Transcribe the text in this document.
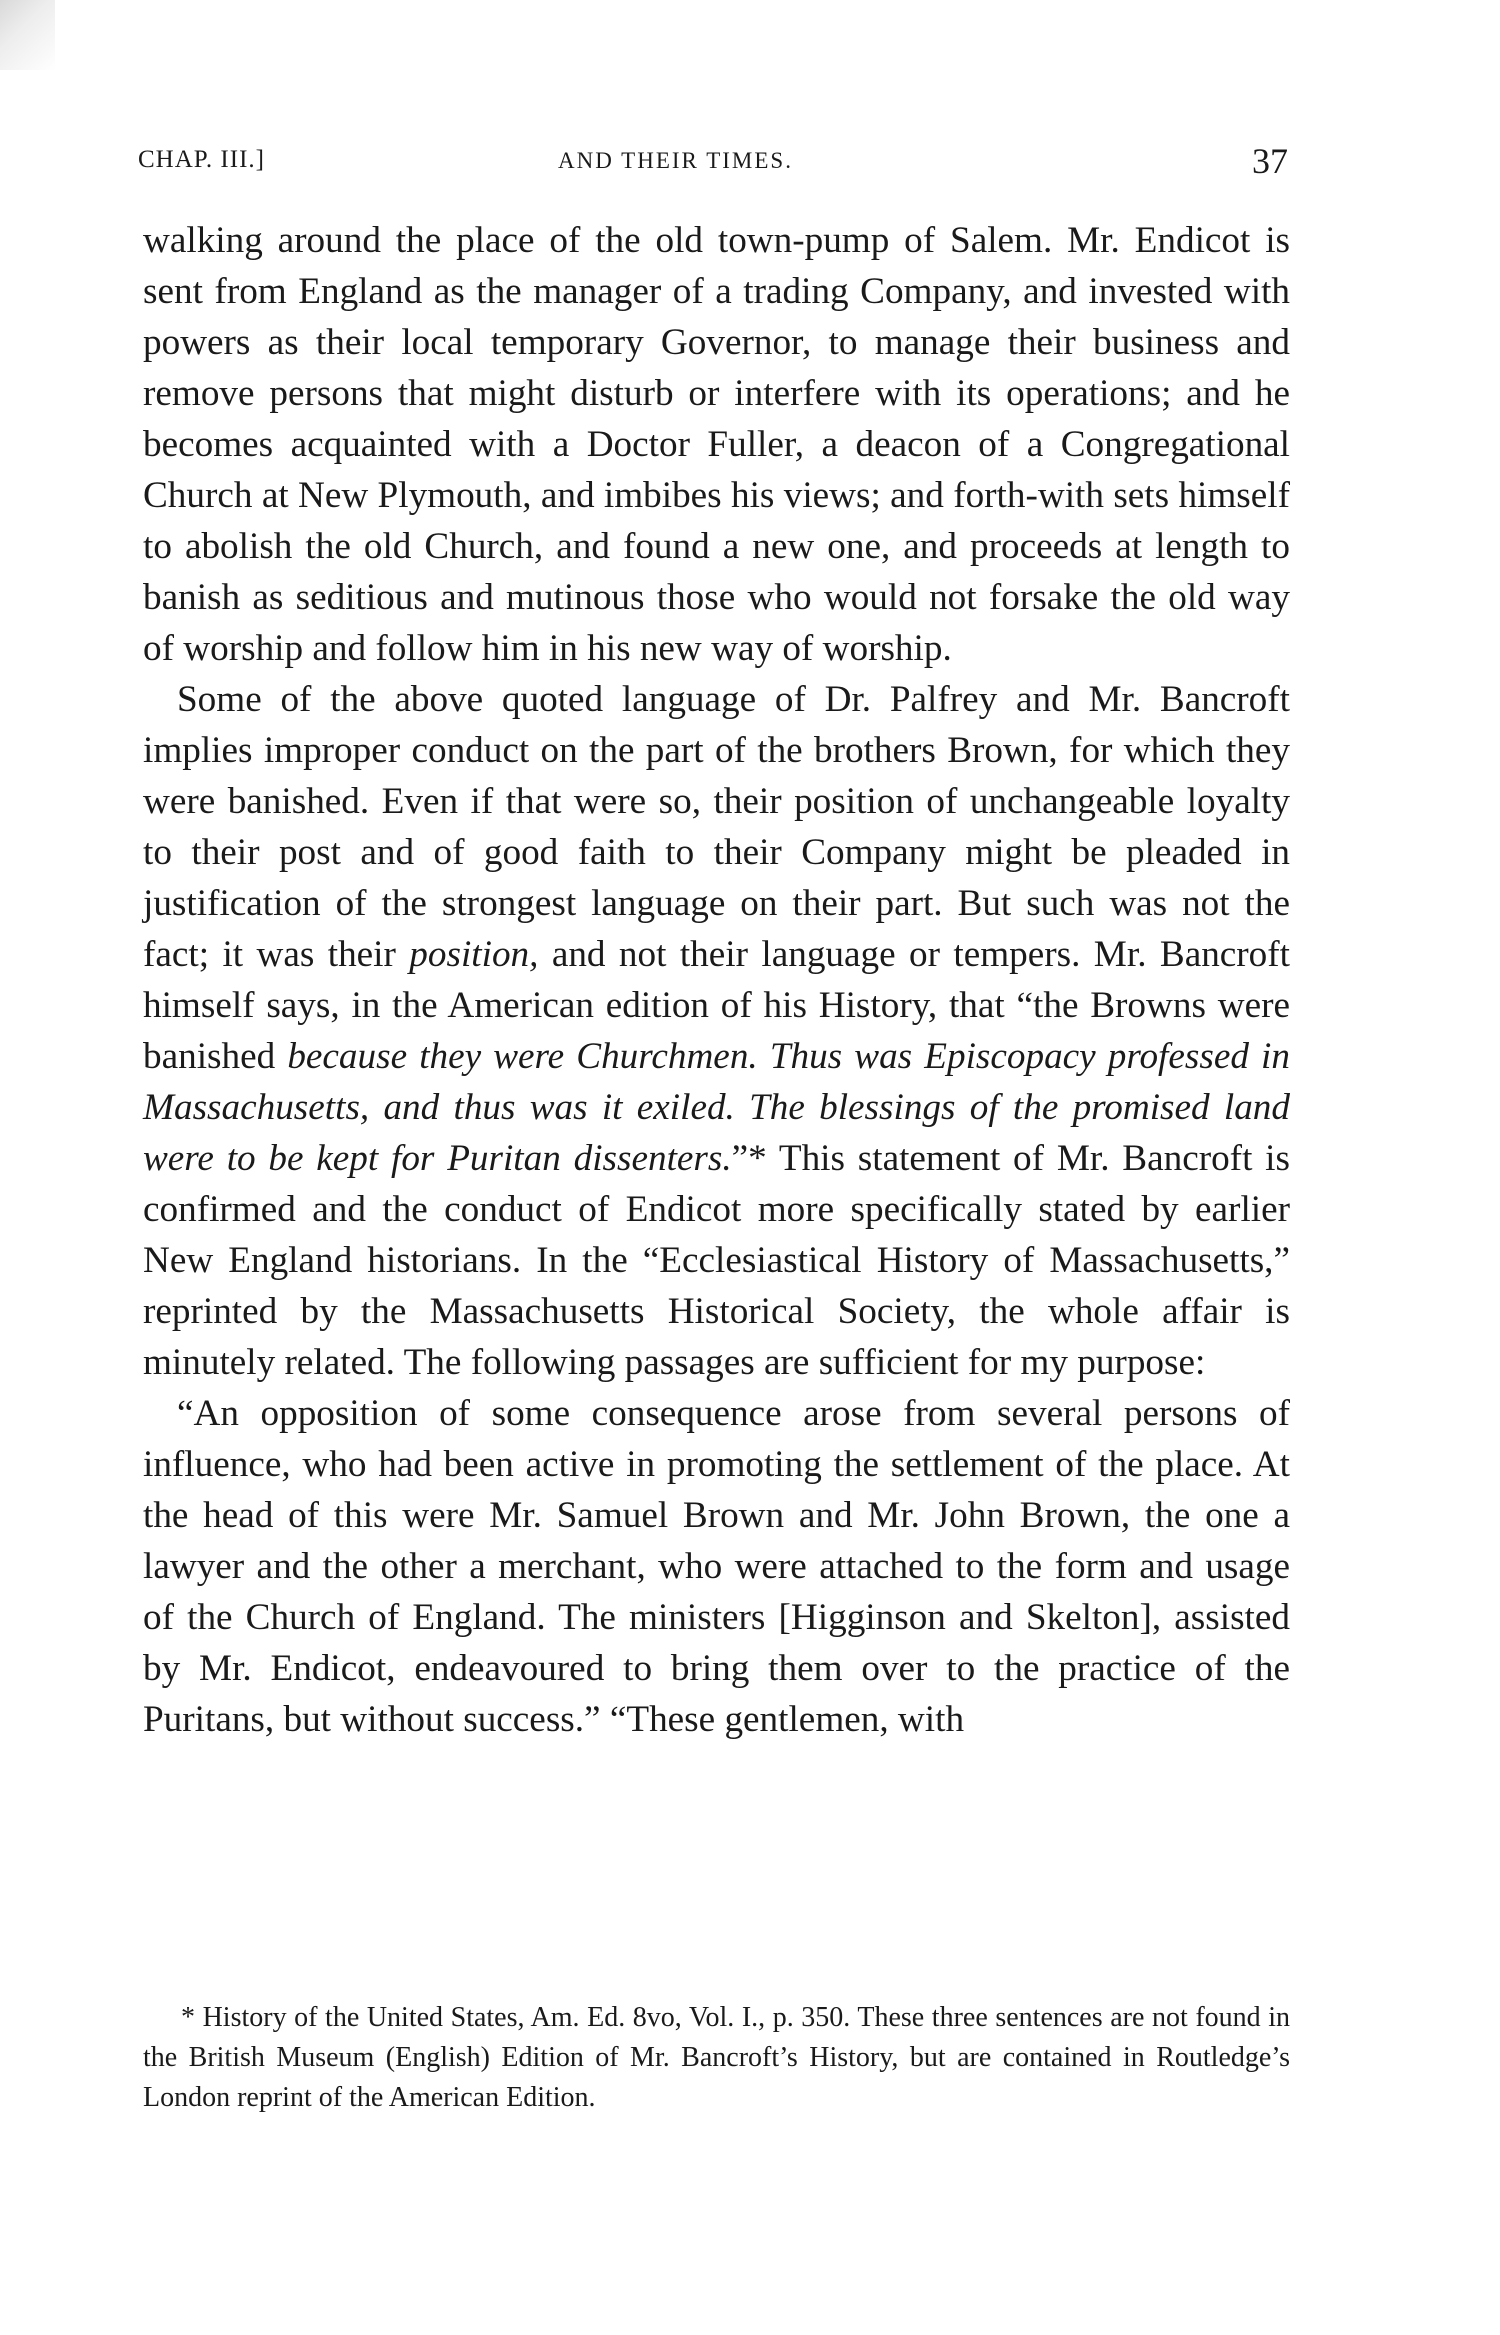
CHAP. III.]	AND THEIR TIMES.	37

walking around the place of the old town-pump of Salem. Mr. Endicot is sent from England as the manager of a trading Company, and invested with powers as their local temporary Governor, to manage their business and remove persons that might disturb or interfere with its operations; and he becomes acquainted with a Doctor Fuller, a deacon of a Congregational Church at New Plymouth, and imbibes his views; and forth-with sets himself to abolish the old Church, and found a new one, and proceeds at length to banish as seditious and mutinous those who would not forsake the old way of worship and follow him in his new way of worship.

Some of the above quoted language of Dr. Palfrey and Mr. Bancroft implies improper conduct on the part of the brothers Brown, for which they were banished. Even if that were so, their position of unchangeable loyalty to their post and of good faith to their Company might be pleaded in justification of the strongest language on their part. But such was not the fact; it was their position, and not their language or tempers. Mr. Bancroft himself says, in the American edition of his History, that “the Browns were banished because they were Churchmen. Thus was Episcopacy professed in Massachusetts, and thus was it exiled. The blessings of the promised land were to be kept for Puritan dissenters.”* This statement of Mr. Bancroft is confirmed and the conduct of Endicot more specifically stated by earlier New England historians. In the “Ecclesiastical History of Massachusetts,” reprinted by the Massachusetts Historical Society, the whole affair is minutely related. The following passages are sufficient for my purpose:

“An opposition of some consequence arose from several persons of influence, who had been active in promoting the settlement of the place. At the head of this were Mr. Samuel Brown and Mr. John Brown, the one a lawyer and the other a merchant, who were attached to the form and usage of the Church of England. The ministers [Higginson and Skelton], assisted by Mr. Endicot, endeavoured to bring them over to the practice of the Puritans, but without success.” “These gentlemen, with

* History of the United States, Am. Ed. 8vo, Vol. I., p. 350. These three sentences are not found in the British Museum (English) Edition of Mr. Bancroft’s History, but are contained in Routledge’s London reprint of the American Edition.
